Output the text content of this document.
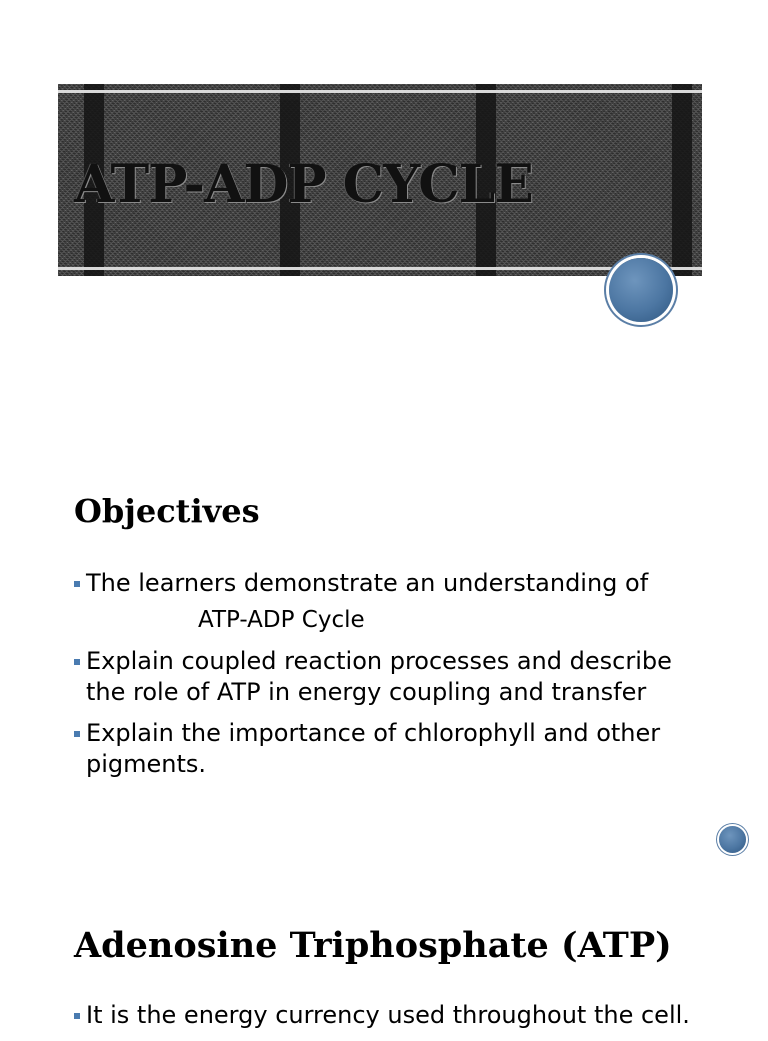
ATP-ADP CYCLE
Objectives
The learners demonstrate an understanding of
ATP-ADP Cycle
Explain coupled reaction processes and describe the role of ATP in energy coupling and transfer
Explain the importance of chlorophyll and other pigments.
Adenosine Triphosphate (ATP)
It is the energy currency used throughout the cell.
